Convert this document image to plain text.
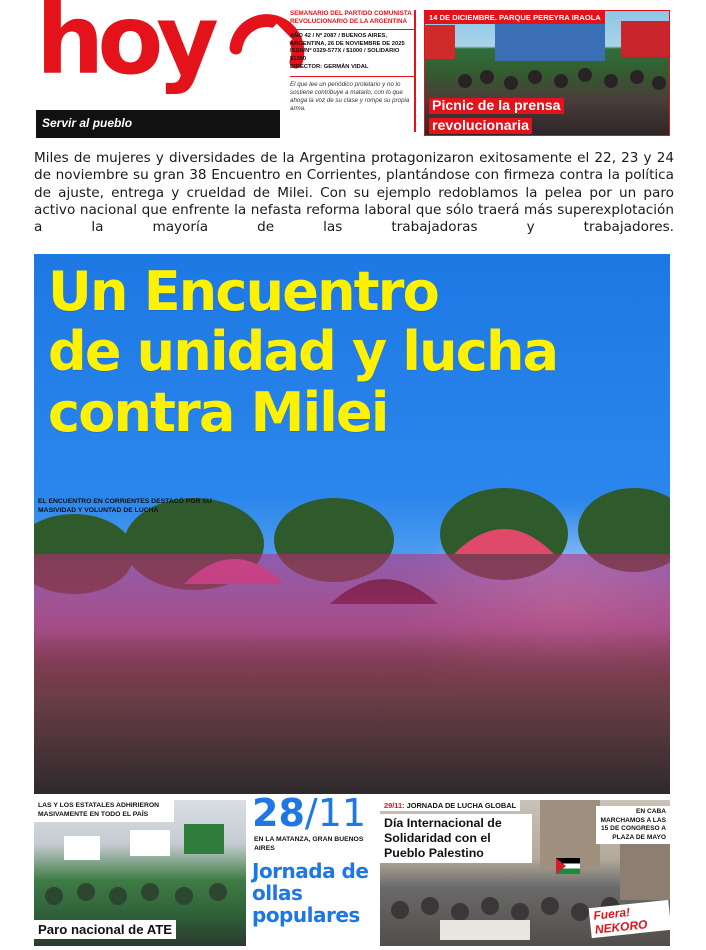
hoy
Servir al pueblo
SEMANARIO DEL PARTIDO COMUNISTA REVOLUCIONARIO DE LA ARGENTINA
AÑO 42 / Nº 2087 / BUENOS AIRES, ARGENTINA, 26 DE NOVIEMBRE DE 2025
ISSN/Nº 0329-577X / $1000 / SOLIDARIO $1300
DIRECTOR: GERMÁN VIDAL
El que lee un periódico proletario y no lo sostiene contribuye a matarlo, con lo que ahoga la voz de su clase y rompe su propia arma.
14 DE DICIEMBRE. PARQUE PEREYRA IRAOLA
Picnic de la prensa revolucionaria

Miles de mujeres y diversidades de la Argentina protagonizaron exitosamente el 22, 23 y 24 de noviembre su gran 38 Encuentro en Corrientes, plantándose con firmeza contra la política de ajuste, entrega y crueldad de Milei. Con su ejemplo redoblamos la pelea por un paro activo nacional que enfrente la nefasta reforma laboral que sólo traerá más superexplotación a la mayoría de las trabajadoras y trabajadores.

Un Encuentro
de unidad y lucha
contra Milei
EL ENCUENTRO EN CORRIENTES DESTACÓ POR SU MASIVIDAD Y VOLUNTAD DE LUCHA
LAS Y LOS ESTATALES ADHIRIERON MASIVAMENTE EN TODO EL PAÍS
Paro nacional de ATE
28/11
EN LA MATANZA, GRAN BUENOS AIRES
Jornada de ollas populares
29/11: JORNADA DE LUCHA GLOBAL
Día Internacional de Solidaridad con el Pueblo Palestino
EN CABA MARCHAMOS A LAS 15 DE CONGRESO A PLAZA DE MAYO
Fuera! NEKORO
